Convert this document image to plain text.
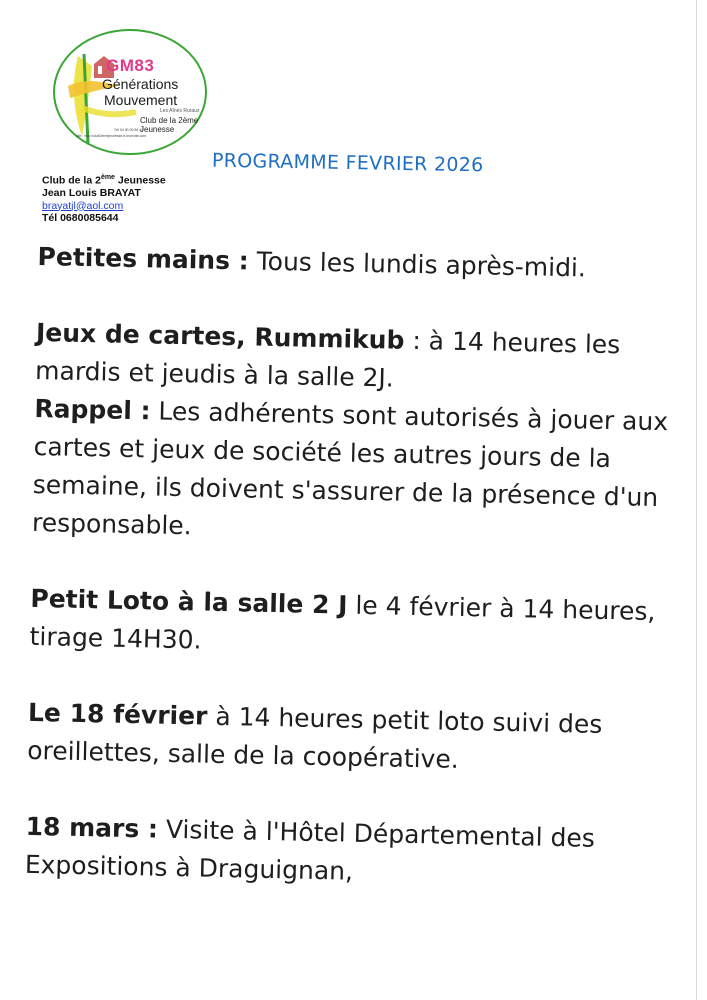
GM83
Générations
Mouvement
Les Aînés Ruraux
Club de la 2ème Jeunesse
Tél 04 90 00 56 44
site : http://club2emejeunesse.e-monsite.com
Club de la 2ème Jeunesse
Jean Louis BRAYAT
brayatjl@aol.com
Tél 0680085644
PROGRAMME FEVRIER 2026

Petites mains : Tous les lundis après-midi.

Jeux de cartes, Rummikub : à 14 heures les mardis et jeudis à la salle 2J.

Rappel : Les adhérents sont autorisés à jouer aux cartes et jeux de société les autres jours de la semaine, ils doivent s'assurer de la présence d'un responsable.

Petit Loto à la salle 2 J le 4 février à 14 heures, tirage 14H30.

Le 18 février à 14 heures petit loto suivi des oreillettes, salle de la coopérative.

18 mars : Visite à l'Hôtel Départemental des Expositions à Draguignan,
